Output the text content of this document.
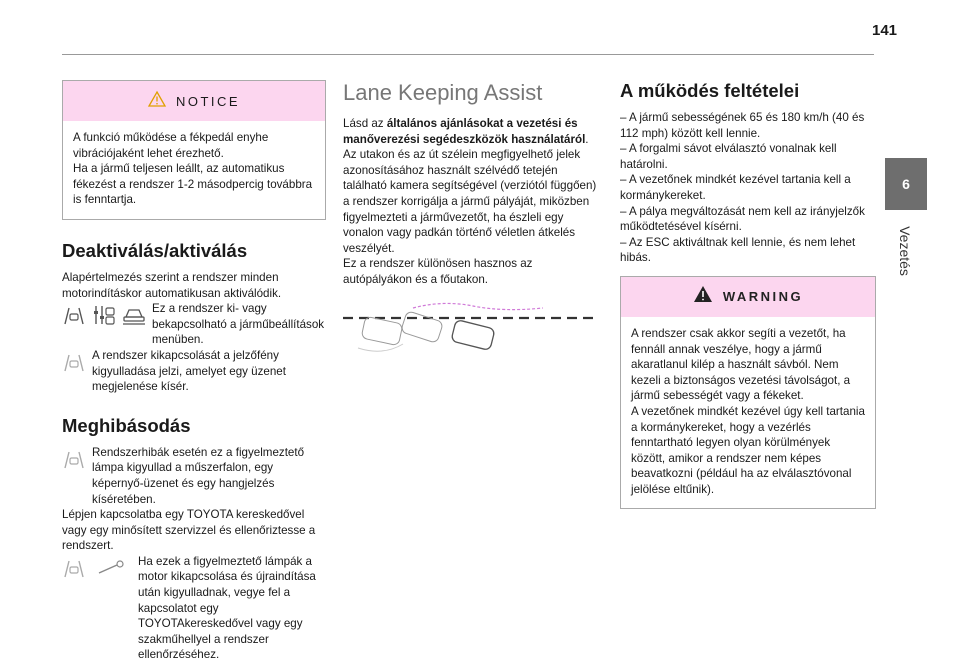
141
6
Vezetés
NOTICE

A funkció működése a fékpedál enyhe vibrációjaként lehet érezhető.

Ha a jármű teljesen leállt, az automatikus fékezést a rendszer 1-2 másodpercig továbbra is fenntartja.

Deaktiválás/aktiválás

Alapértelmezés szerint a rendszer minden motorindításkor automatikusan aktiválódik.

Ez a rendszer ki- vagy bekapcsolható a járműbeállítások menüben.

A rendszer kikapcsolását a jelzőfény kigyulladása jelzi, amelyet egy üzenet megjelenése kísér.

Meghibásodás

Rendszerhibák esetén ez a figyelmeztető lámpa kigyullad a műszerfalon, egy képernyő-üzenet és egy hangjelzés kíséretében.

Lépjen kapcsolatba egy TOYOTA kereskedővel vagy egy minősített szervizzel és ellenőriztesse a rendszert.

Ha ezek a figyelmeztető lámpák a motor kikapcsolása és újraindítása után kigyulladnak, vegye fel a kapcsolatot egy TOYOTAkereskedővel vagy egy szakműhellyel a rendszer ellenőrzéséhez.

Lane Keeping Assist

Lásd az általános ajánlásokat a vezetési és manőverezési segédeszközök használatáról.

Az utakon és az út szélein megfigyelhető jelek azonosításához használt szélvédő tetején található kamera segítségével (verziótól függően) a rendszer korrigálja a jármű pályáját, miközben figyelmezteti a járművezetőt, ha észleli egy vonalon vagy padkán történő véletlen átkelés veszélyét.

Ez a rendszer különösen hasznos az autópályákon és a főutakon.

A működés feltételei
– A jármű sebességének 65 és 180 km/h (40 és 112 mph) között kell lennie.
– A forgalmi sávot elválasztó vonalnak kell határolni.
– A vezetőnek mindkét kezével tartania kell a kormánykereket.
– A pálya megváltozását nem kell az irányjelzők működtetésével kísérni.
– Az ESC aktiváltnak kell lennie, és nem lehet hibás.
WARNING

A rendszer csak akkor segíti a vezetőt, ha fennáll annak veszélye, hogy a jármű akaratlanul kilép a használt sávból. Nem kezeli a biztonságos vezetési távolságot, a jármű sebességét vagy a fékeket.

A vezetőnek mindkét kezével úgy kell tartania a kormánykereket, hogy a vezérlés fenntartható legyen olyan körülmények között, amikor a rendszer nem képes beavatkozni (például ha az elválasztóvonal jelölése eltűnik).
